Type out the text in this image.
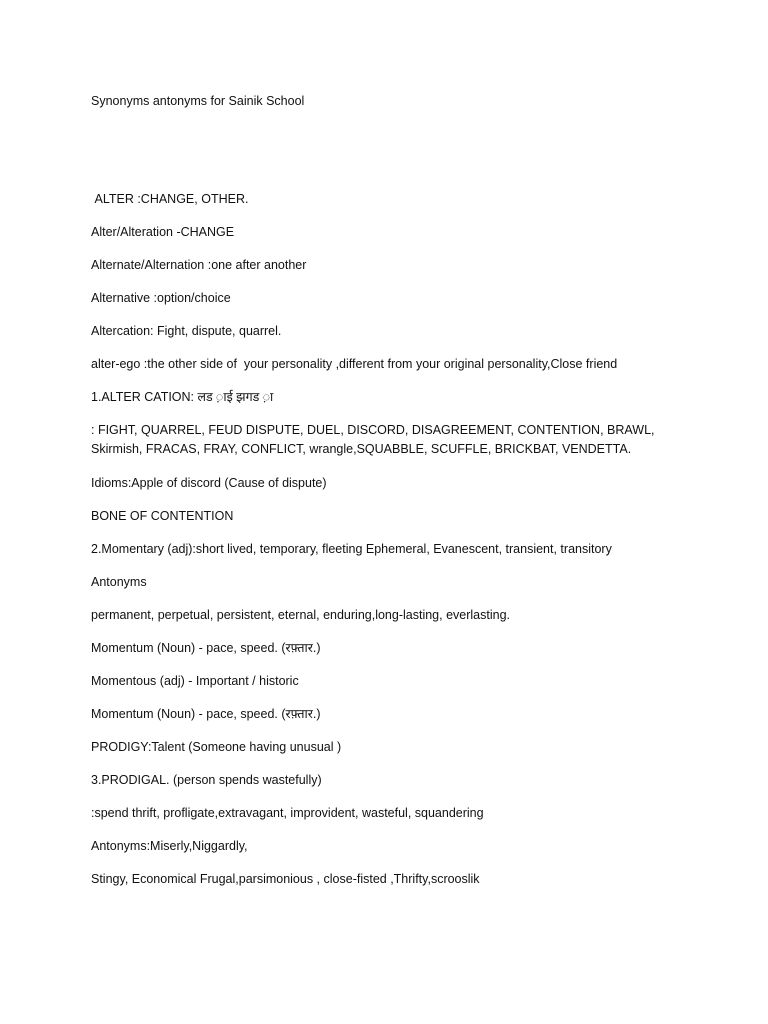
Synonyms antonyms for Sainik School

ALTER :CHANGE, OTHER.

Alter/Alteration -CHANGE

Alternate/Alternation :one after another

Alternative :option/choice

Altercation: Fight, dispute, quarrel.

alter-ego :the other side of  your personality ,different from your original personality,Close friend

1.ALTER CATION: लड ़ाई झगड ़ा

: FIGHT, QUARREL, FEUD DISPUTE, DUEL, DISCORD, DISAGREEMENT, CONTENTION, BRAWL, Skirmish, FRACAS, FRAY, CONFLICT, wrangle,SQUABBLE, SCUFFLE, BRICKBAT, VENDETTA.

Idioms:Apple of discord (Cause of dispute)

BONE OF CONTENTION

2.Momentary (adj):short lived, temporary, fleeting Ephemeral, Evanescent, transient, transitory

Antonyms

permanent, perpetual, persistent, eternal, enduring,long-lasting, everlasting.

Momentum (Noun) - pace, speed. (रफ़्तार.)

Momentous (adj) - Important / historic

Momentum (Noun) - pace, speed. (रफ़्तार.)

PRODIGY:Talent (Someone having unusual )

3.PRODIGAL. (person spends wastefully)

:spend thrift, profligate,extravagant, improvident, wasteful, squandering

Antonyms:Miserly,Niggardly,

Stingy, Economical Frugal,parsimonious , close-fisted ,Thrifty,scrooslik
